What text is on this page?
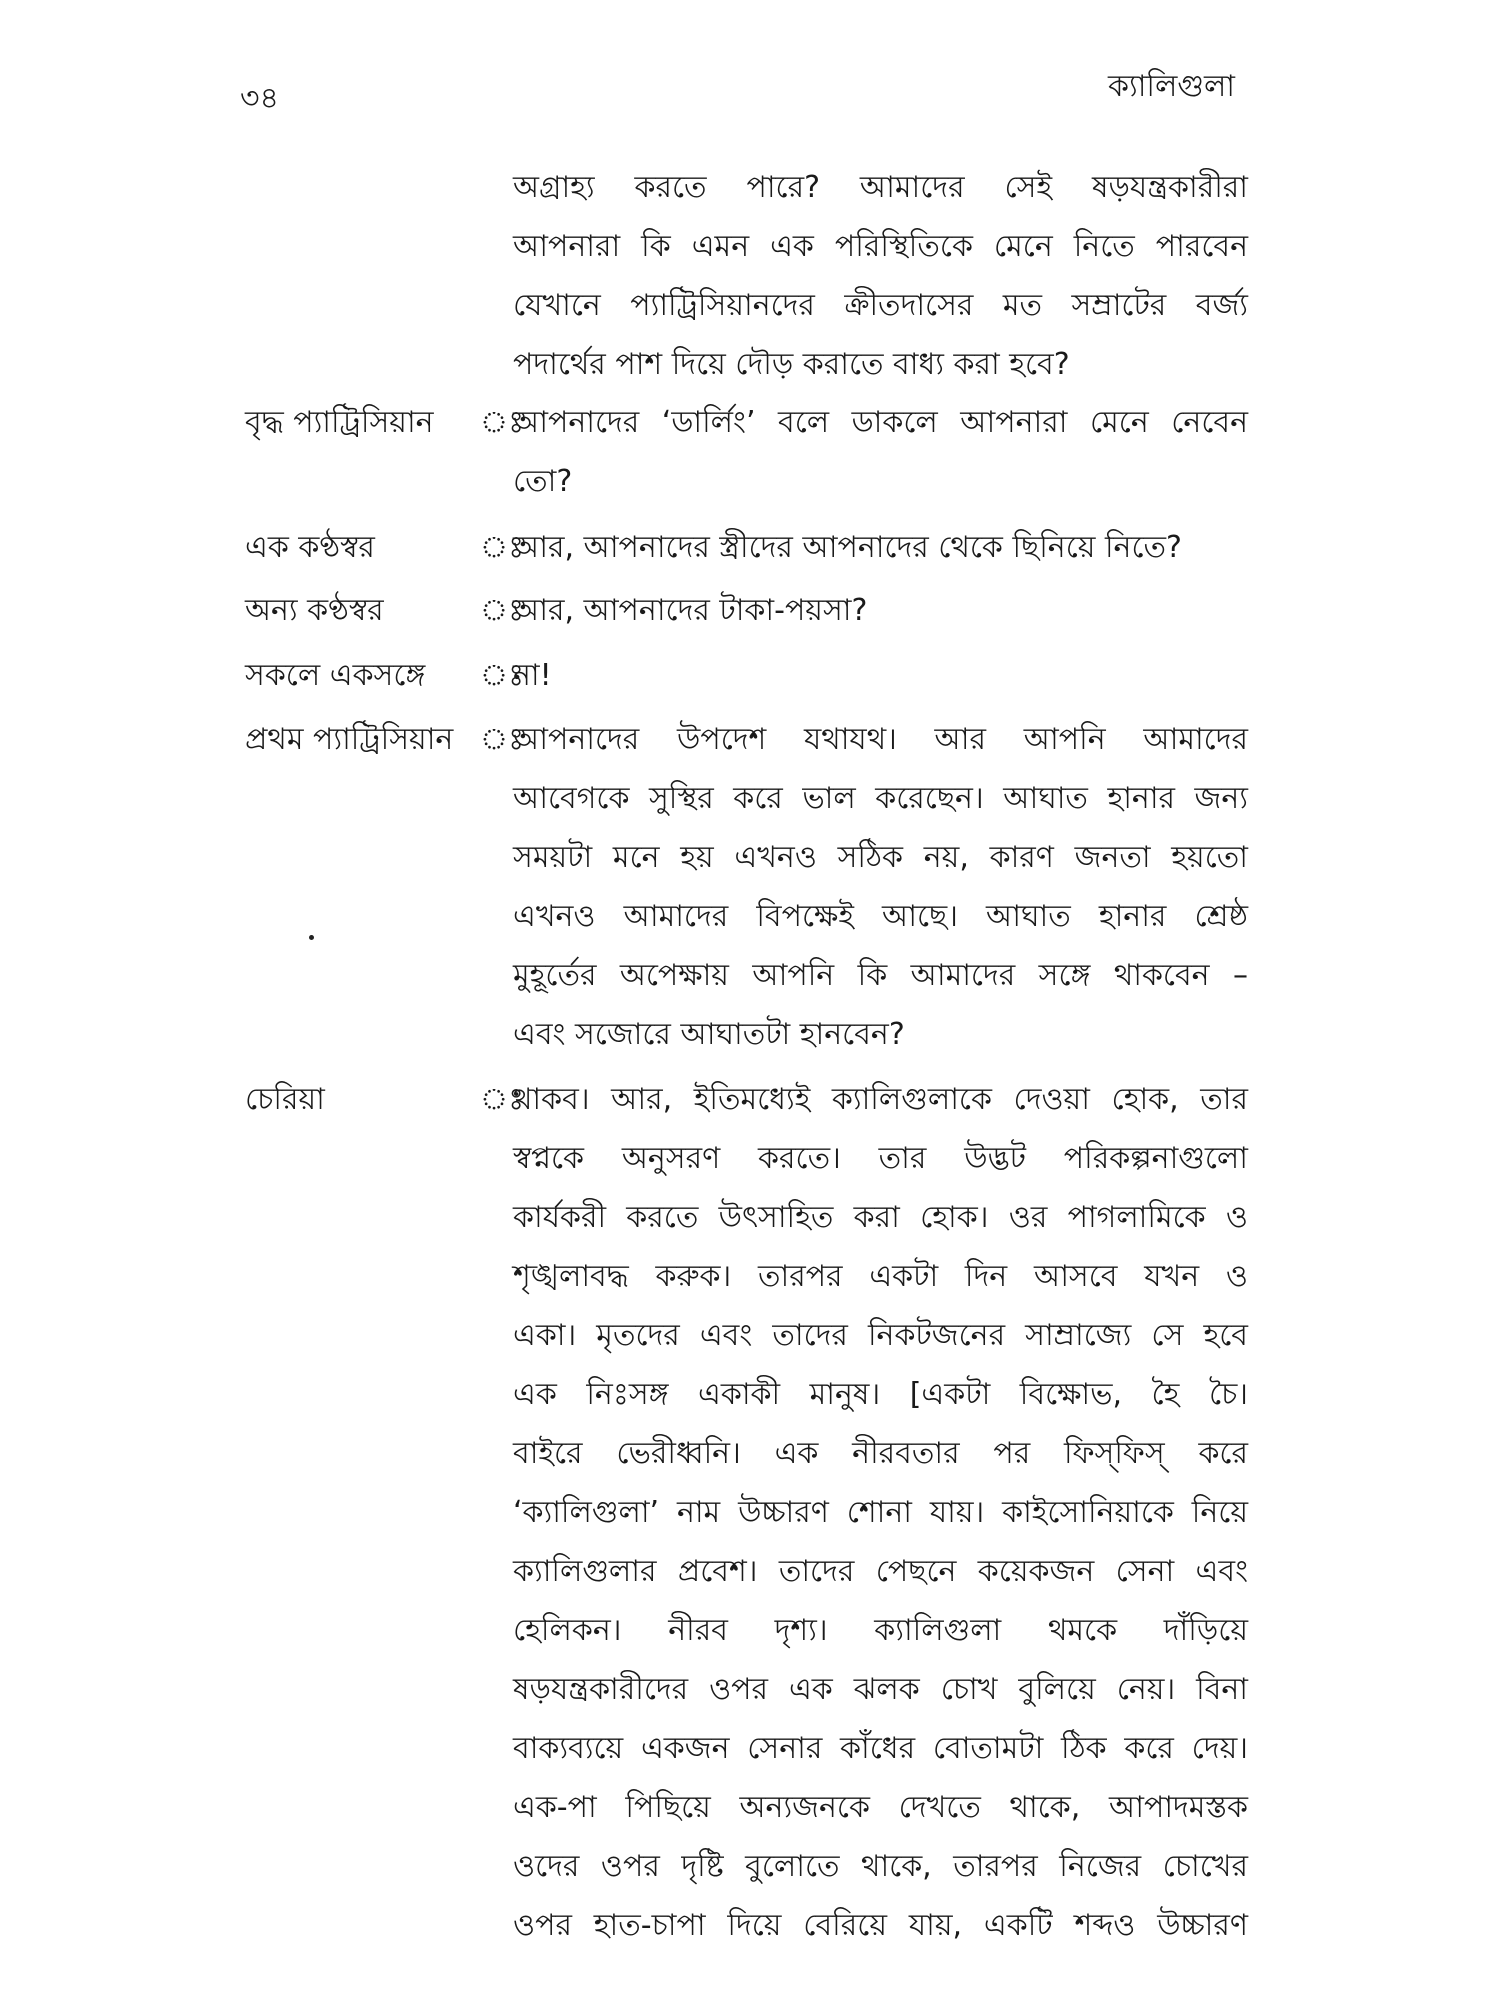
৩৪	ক্যালিগুলা
অগ্রাহ্য করতে পারে? আমাদের সেই ষড়যন্ত্রকারীরা
আপনারা কি এমন এক পরিস্থিতিকে মেনে নিতে পারবেন
যেখানে প্যাট্রিসিয়ানদের ক্রীতদাসের মত সম্রাটের বর্জ্য
পদার্থের পাশ দিয়ে দৌড় করাতে বাধ্য করা হবে?
বৃদ্ধ প্যাট্রিসিয়ান ঃ
আপনাদের ‘ডার্লিং’ বলে ডাকলে আপনারা মেনে নেবেন
তো?
এক কণ্ঠস্বর	ঃ
আর, আপনাদের স্ত্রীদের আপনাদের থেকে ছিনিয়ে নিতে?
অন্য কণ্ঠস্বর	ঃ
আর, আপনাদের টাকা-পয়সা?
সকলে একসঙ্গে ঃ
না!
প্রথম প্যাট্রিসিয়ান ঃ
আপনাদের উপদেশ যথাযথ। আর আপনি আমাদের
আবেগকে সুস্থির করে ভাল করেছেন। আঘাত হানার জন্য
সময়টা মনে হয় এখনও সঠিক নয়, কারণ জনতা হয়তো
এখনও আমাদের বিপক্ষেই আছে। আঘাত হানার শ্রেষ্ঠ
মুহূর্তের অপেক্ষায় আপনি কি আমাদের সঙ্গে থাকবেন –
এবং সজোরে আঘাতটা হানবেন?
চেরিয়া	ঃ
থাকব। আর, ইতিমধ্যেই ক্যালিগুলাকে দেওয়া হোক, তার
স্বপ্নকে অনুসরণ করতে। তার উদ্ভট পরিকল্পনাগুলো
কার্যকরী করতে উৎসাহিত করা হোক। ওর পাগলামিকে ও
শৃঙ্খলাবদ্ধ করুক। তারপর একটা দিন আসবে যখন ও
একা। মৃতদের এবং তাদের নিকটজনের সাম্রাজ্যে সে হবে
এক নিঃসঙ্গ একাকী মানুষ। [একটা বিক্ষোভ, হৈ চৈ।
বাইরে ভেরীধ্বনি। এক নীরবতার পর ফিস্‌ফিস্‌ করে
‘ক্যালিগুলা’ নাম উচ্চারণ শোনা যায়। কাইসোনিয়াকে নিয়ে
ক্যালিগুলার প্রবেশ। তাদের পেছনে কয়েকজন সেনা এবং
হেলিকন। নীরব দৃশ্য। ক্যালিগুলা থমকে দাঁড়িয়ে
ষড়যন্ত্রকারীদের ওপর এক ঝলক চোখ বুলিয়ে নেয়। বিনা
বাক্যব্যয়ে একজন সেনার কাঁধের বোতামটা ঠিক করে দেয়।
এক-পা পিছিয়ে অন্যজনকে দেখতে থাকে, আপাদমস্তক
ওদের ওপর দৃষ্টি বুলোতে থাকে, তারপর নিজের চোখের
ওপর হাত-চাপা দিয়ে বেরিয়ে যায়, একটি শব্দও উচ্চারণ
